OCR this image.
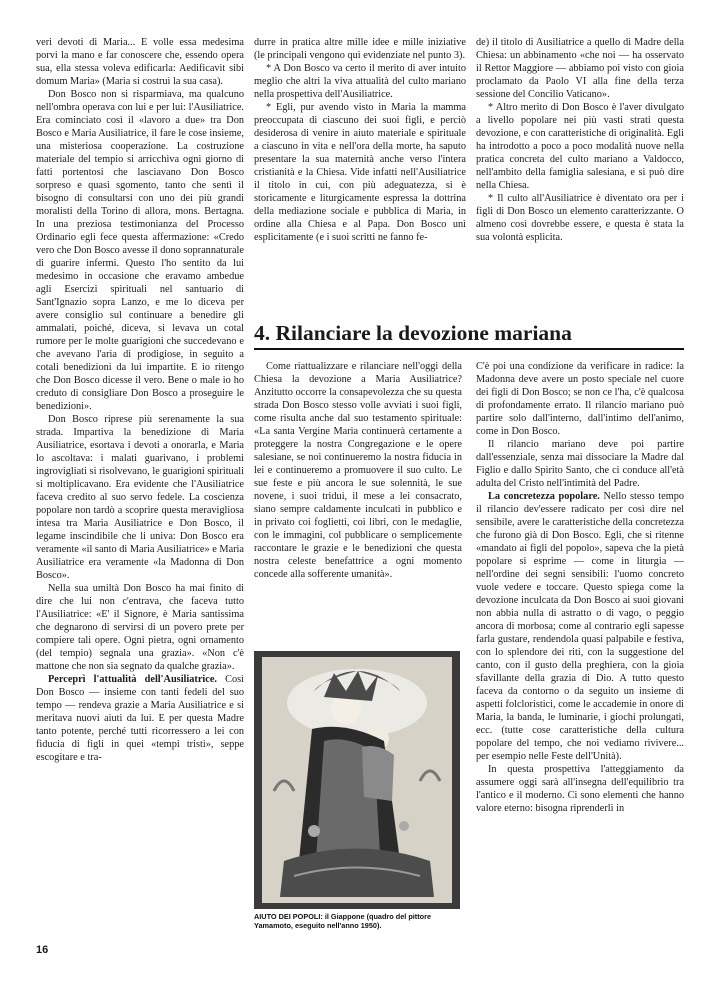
veri devoti di Maria... E volle essa medesima porvi la mano e far conoscere che, essendo opera sua, ella stessa voleva edificarla: Aedificavit sibi domum Maria» (Maria si costruì la sua casa).

Don Bosco non si risparmiava, ma qualcuno nell'ombra operava con lui e per lui: l'Ausiliatrice. Era cominciato così il «lavoro a due» tra Don Bosco e Maria Ausiliatrice, il fare le cose insieme, una misteriosa cooperazione. La costruzione materiale del tempio si arricchiva ogni giorno di fatti portentosi che lasciavano Don Bosco sorpreso e quasi sgomento, tanto che sentì il bisogno di consultarsi con uno dei più grandi moralisti della Torino di allora, mons. Bertagna. In una preziosa testimonianza del Processo Ordinario egli fece questa affermazione: «Credo vero che Don Bosco avesse il dono soprannaturale di guarire infermi. Questo l'ho sentito da lui medesimo in occasione che eravamo ambedue agli Esercizi spirituali nel santuario di Sant'Ignazio sopra Lanzo, e me lo diceva per avere consiglio sul continuare a benedire gli ammalati, poiché, diceva, si levava un cotal rumore per le molte guarigioni che succedevano e che avevano l'aria di prodigiose, in seguito a cotali benedizioni da lui impartite. E io ritengo che Don Bosco dicesse il vero. Bene o male io ho creduto di consigliare Don Bosco a proseguire le benedizioni».

Don Bosco riprese più serenamente la sua strada. Impartiva la benedizione di Maria Ausiliatrice, esortava i devoti a onorarla, e Maria lo ascoltava: i malati guarivano, i problemi ingrovigliati si risolvevano, le guarigioni spirituali si moltiplicavano. Era evidente che l'Ausiliatrice faceva credito al suo servo fedele. La coscienza popolare non tardò a scoprire questa meravigliosa intesa tra Maria Ausiliatrice e Don Bosco, il legame inscindibile che li univa: Don Bosco era veramente «il santo di Maria Ausiliatrice» e Maria Ausiliatrice era veramente «la Madonna di Don Bosco».

Nella sua umiltà Don Bosco ha mai finito di dire che lui non c'entrava, che faceva tutto l'Ausiliatrice: «E' il Signore, è Maria santissima che degnarono di servirsi di un povero prete per compiere tali opere. Ogni pietra, ogni ornamento (del tempio) segnala una grazia». «Non c'è mattone che non sia segnato da qualche grazia».

Perceprì l'attualità dell'Ausiliatrice. Così Don Bosco — insieme con tanti fedeli del suo tempo — rendeva grazie a Maria Ausiliatrice e si meritava nuovi aiuti da lui. E per questa Madre tanto potente, perché tutti ricorressero a lei con fiducia di figli in quei «tempi tristi», seppe escogitare e tra-

durre in pratica altre mille idee e mille iniziative (le principali vengono qui evidenziate nel punto 3).

* A Don Bosco va certo il merito di aver intuito meglio che altri la viva attualità del culto mariano nella prospettiva dell'Ausiliatrice.

* Egli, pur avendo visto in Maria la mamma preoccupata di ciascuno dei suoi figli, e perciò desiderosa di venire in aiuto materiale e spirituale a ciascuno in vita e nell'ora della morte, ha saputo presentare la sua maternità anche verso l'intera cristianità e la Chiesa. Vide infatti nell'Ausiliatrice il titolo in cui, con più adeguatezza, si è storicamente e liturgicamente espressa la dottrina della mediazione sociale e pubblica di Maria, in ordine alla Chiesa e al Papa. Don Bosco unì esplicitamente (e i suoi scritti ne fanno fe-

de) il titolo di Ausiliatrice a quello di Madre della Chiesa: un abbinamento «che noi — ha osservato il Rettor Maggiore — abbiamo poi visto con gioia proclamato da Paolo VI alla fine della terza sessione del Concilio Vaticano».

* Altro merito di Don Bosco è l'aver divulgato a livello popolare nei più vasti strati questa devozione, e con caratteristiche di originalità. Egli ha introdotto a poco a poco modalità nuove nella pratica concreta del culto mariano a Valdocco, nell'ambito della famiglia salesiana, e si può dire nella Chiesa.

* Il culto all'Ausiliatrice è diventato ora per i figli di Don Bosco un elemento caratterizzante. O almeno così dovrebbe essere, e questa è stata la sua volontà esplicita.

4. Rilanciare la devozione mariana

Come riattualizzare e rilanciare nell'oggi della Chiesa la devozione a Maria Ausiliatrice? Anzitutto occorre la consapevolezza che su questa strada Don Bosco stesso volle avviati i suoi figli, come risulta anche dal suo testamento spirituale: «La santa Vergine Maria continuerà certamente a proteggere la nostra Congregazione e le opere salesiane, se noi continueremo la nostra fiducia in lei e continueremo a promuovere il suo culto. Le sue feste e più ancora le sue solennità, le sue novene, i suoi tridui, il mese a lei consacrato, siano sempre caldamente inculcati in pubblico e in privato coi foglietti, coi libri, con le medaglie, con le immagini, col pubblicare o semplicemente raccontare le grazie e le benedizioni che questa nostra celeste benefattrice a ogni momento concede alla sofferente umanità».

AIUTO DEI POPOLI: il Giappone (quadro del pittore Yamamoto, eseguito nell'anno 1950).

C'è poi una condizione da verificare in radice: la Madonna deve avere un posto speciale nel cuore dei figli di Don Bosco; se non ce l'ha, c'è qualcosa di profondamente errato. Il rilancio mariano può partire solo dall'interno, dall'intimo dell'animo, come in Don Bosco.

Il rilancio mariano deve poi partire dall'essenziale, senza mai dissociare la Madre dal Figlio e dallo Spirito Santo, che ci conduce all'età adulta del Cristo nell'intimità del Padre.

La concretezza popolare. Nello stesso tempo il rilancio dev'essere radicato per così dire nel sensibile, avere le caratteristiche della concretezza che furono già di Don Bosco. Egli, che si ritenne «mandato ai figli del popolo», sapeva che la pietà popolare si esprime — come in liturgia — nell'ordine dei segni sensibili: l'uomo concreto vuole vedere e toccare. Questo spiega come la devozione inculcata da Don Bosco ai suoi giovani non abbia nulla di astratto o di vago, o peggio ancora di morbosa; come al contrario egli sapesse farla gustare, rendendola quasi palpabile e festiva, con lo splendore dei riti, con la suggestione del canto, con il gusto della preghiera, con la gioia sfavillante della grazia di Dio. A tutto questo faceva da contorno o da seguito un insieme di aspetti folcloristici, come le accademie in onore di Maria, la banda, le luminarie, i giochi prolungati, ecc. (tutte cose caratteristiche della cultura popolare del tempo, che noi vediamo rivivere... per esempio nelle Feste dell'Unità).

In questa prospettiva l'atteggiamento da assumere oggi sarà all'insegna dell'equilibrio tra l'antico e il moderno. Ci sono elementi che hanno valore eterno: bisogna riprenderli in

16
